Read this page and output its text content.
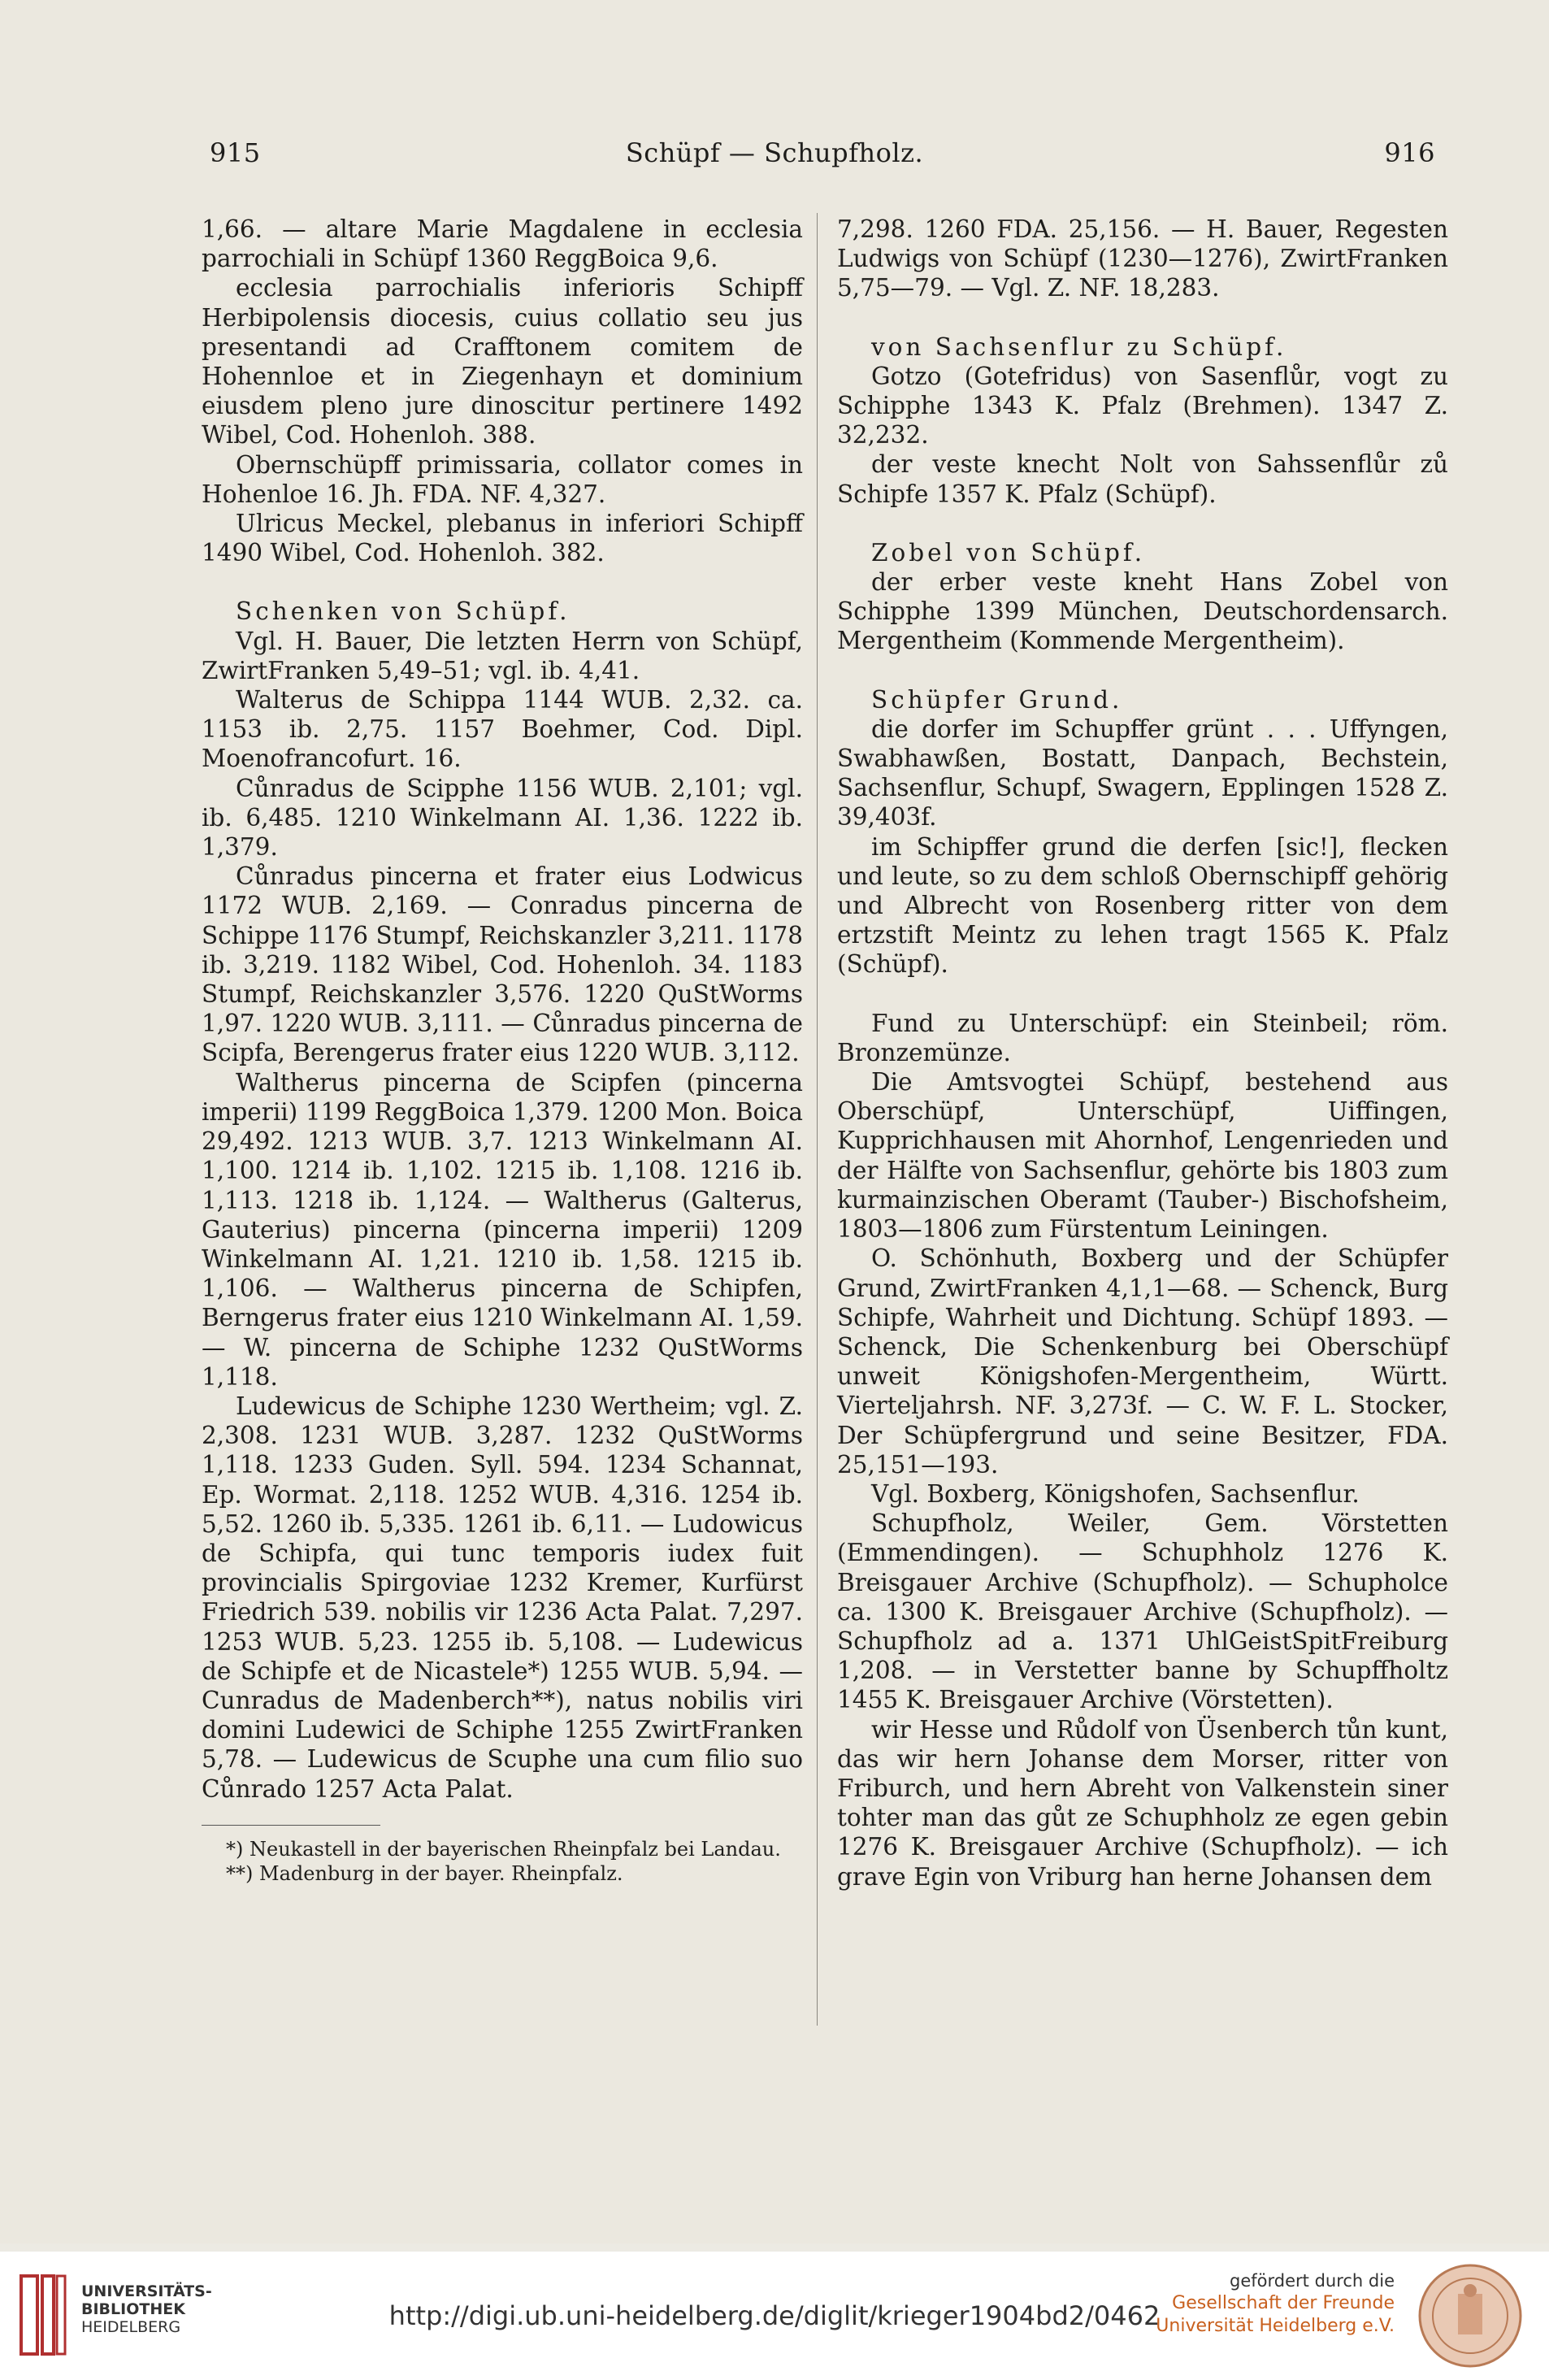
915	Schüpf — Schupfholz.	916

1,66. — altare Marie Magdalene in ecclesia parrochiali in Schüpf 1360 ReggBoica 9,6.

ecclesia parrochialis inferioris Schipff Herbipolensis diocesis, cuius collatio seu jus presentandi ad Crafftonem comitem de Hohennloe et in Ziegenhayn et dominium eiusdem pleno jure dinoscitur pertinere 1492 Wibel, Cod. Hohenloh. 388.

Obernschüpff primissaria, collator comes in Hohenloe 16. Jh. FDA. NF. 4,327.

Ulricus Meckel, plebanus in inferiori Schipff 1490 Wibel, Cod. Hohenloh. 382.

Schenken von Schüpf.

Vgl. H. Bauer, Die letzten Herrn von Schüpf, ZwirtFranken 5,49–51; vgl. ib. 4,41.

Walterus de Schippa 1144 WUB. 2,32. ca. 1153 ib. 2,75. 1157 Boehmer, Cod. Dipl. Moenofrancofurt. 16.

Cůnradus de Scipphe 1156 WUB. 2,101; vgl. ib. 6,485. 1210 Winkelmann AI. 1,36. 1222 ib. 1,379.

Cůnradus pincerna et frater eius Lodwicus 1172 WUB. 2,169. — Conradus pincerna de Schippe 1176 Stumpf, Reichskanzler 3,211. 1178 ib. 3,219. 1182 Wibel, Cod. Hohenloh. 34. 1183 Stumpf, Reichskanzler 3,576. 1220 QuStWorms 1,97. 1220 WUB. 3,111. — Cůnradus pincerna de Scipfa, Berengerus frater eius 1220 WUB. 3,112.

Waltherus pincerna de Scipfen (pincerna imperii) 1199 ReggBoica 1,379. 1200 Mon. Boica 29,492. 1213 WUB. 3,7. 1213 Winkelmann AI. 1,100. 1214 ib. 1,102. 1215 ib. 1,108. 1216 ib. 1,113. 1218 ib. 1,124. — Waltherus (Galterus, Gauterius) pincerna (pincerna imperii) 1209 Winkelmann AI. 1,21. 1210 ib. 1,58. 1215 ib. 1,106. — Waltherus pincerna de Schipfen, Berngerus frater eius 1210 Winkelmann AI. 1,59. — W. pincerna de Schiphe 1232 QuStWorms 1,118.

Ludewicus de Schiphe 1230 Wertheim; vgl. Z. 2,308. 1231 WUB. 3,287. 1232 QuStWorms 1,118. 1233 Guden. Syll. 594. 1234 Schannat, Ep. Wormat. 2,118. 1252 WUB. 4,316. 1254 ib. 5,52. 1260 ib. 5,335. 1261 ib. 6,11. — Ludowicus de Schipfa, qui tunc temporis iudex fuit provincialis Spirgoviae 1232 Kremer, Kurfürst Friedrich 539. nobilis vir 1236 Acta Palat. 7,297. 1253 WUB. 5,23. 1255 ib. 5,108. — Ludewicus de Schipfe et de Nicastele*) 1255 WUB. 5,94. — Cunradus de Madenberch**), natus nobilis viri domini Ludewici de Schiphe 1255 ZwirtFranken 5,78. — Ludewicus de Scuphe una cum filio suo Cůnrado 1257 Acta Palat.

*) Neukastell in der bayerischen Rheinpfalz bei Landau.

**) Madenburg in der bayer. Rheinpfalz.

7,298. 1260 FDA. 25,156. — H. Bauer, Regesten Ludwigs von Schüpf (1230—1276), ZwirtFranken 5,75—79. — Vgl. Z. NF. 18,283.

von Sachsenflur zu Schüpf.

Gotzo (Gotefridus) von Sasenflůr, vogt zu Schipphe 1343 K. Pfalz (Brehmen). 1347 Z. 32,232.

der veste knecht Nolt von Sahssenflůr zů Schipfe 1357 K. Pfalz (Schüpf).

Zobel von Schüpf.

der erber veste kneht Hans Zobel von Schipphe 1399 München, Deutschordensarch. Mergentheim (Kommende Mergentheim).

Schüpfer Grund.

die dorfer im Schupffer grünt . . . Uffyngen, Swabhawßen, Bostatt, Danpach, Bechstein, Sachsenflur, Schupf, Swagern, Epplingen 1528 Z. 39,403f.

im Schipffer grund die derfen [sic!], flecken und leute, so zu dem schloß Obernschipff gehörig und Albrecht von Rosenberg ritter von dem ertzstift Meintz zu lehen tragt 1565 K. Pfalz (Schüpf).

Fund zu Unterschüpf: ein Steinbeil; röm. Bronzemünze.

Die Amtsvogtei Schüpf, bestehend aus Oberschüpf, Unterschüpf, Uiffingen, Kupprichhausen mit Ahornhof, Lengenrieden und der Hälfte von Sachsenflur, gehörte bis 1803 zum kurmainzischen Oberamt (Tauber-) Bischofsheim, 1803—1806 zum Fürstentum Leiningen.

O. Schönhuth, Boxberg und der Schüpfer Grund, ZwirtFranken 4,1,1—68. — Schenck, Burg Schipfe, Wahrheit und Dichtung. Schüpf 1893. — Schenck, Die Schenkenburg bei Oberschüpf unweit Königshofen-Mergentheim, Württ. Vierteljahrsh. NF. 3,273f. — C. W. F. L. Stocker, Der Schüpfergrund und seine Besitzer, FDA. 25,151—193.

Vgl. Boxberg, Königshofen, Sachsenflur.

Schupfholz, Weiler, Gem. Vörstetten (Emmendingen). — Schuphholz 1276 K. Breisgauer Archive (Schupfholz). — Schupholce ca. 1300 K. Breisgauer Archive (Schupfholz). — Schupfholz ad a. 1371 UhlGeistSpitFreiburg 1,208. — in Verstetter banne by Schupffholtz 1455 K. Breisgauer Archive (Vörstetten).

wir Hesse und Růdolf von Üsenberch tůn kunt, das wir hern Johanse dem Morser, ritter von Friburch, und hern Abreht von Valkenstein siner tohter man das gůt ze Schuphholz ze egen gebin 1276 K. Breisgauer Archive (Schupfholz). — ich grave Egin von Vriburg han herne Johansen dem

UNIVERSITÄTS-
BIBLIOTHEK
HEIDELBERG	http://digi.ub.uni-heidelberg.de/diglit/krieger1904bd2/0462
gefördert durch die
Gesellschaft der Freunde
Universität Heidelberg e.V.
